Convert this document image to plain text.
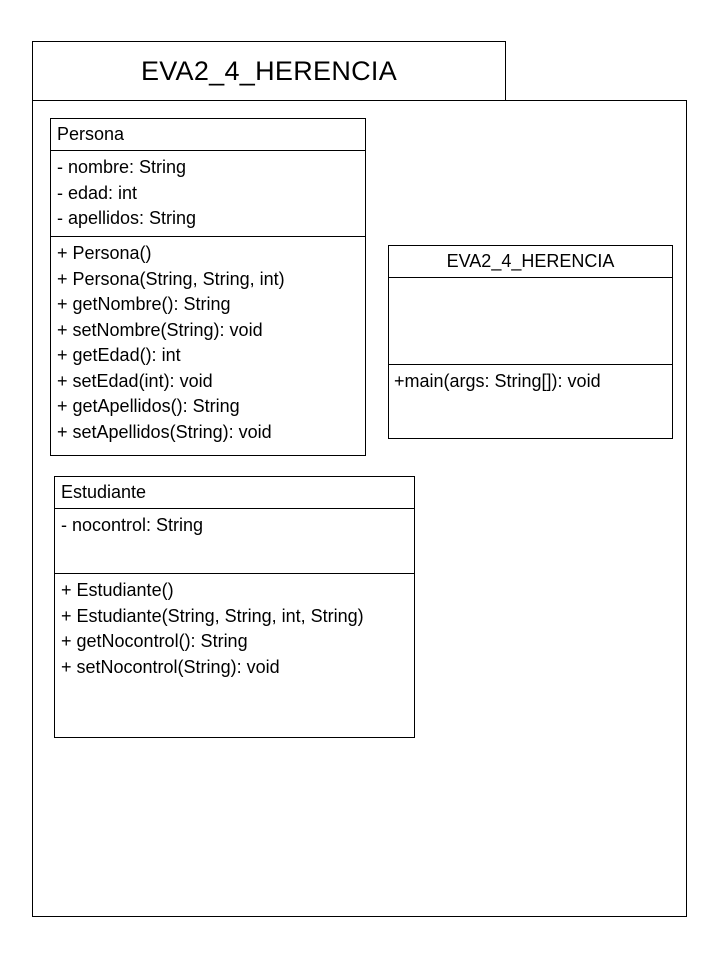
EVA2_4_HERENCIA
Persona
- nombre: String
- edad: int
- apellidos: String
+ Persona()
+ Persona(String, String, int)
+ getNombre(): String
+ setNombre(String): void
+ getEdad(): int
+ setEdad(int): void
+ getApellidos(): String
+ setApellidos(String): void
EVA2_4_HERENCIA
+main(args: String[]): void
Estudiante
- nocontrol: String
+ Estudiante()
+ Estudiante(String, String, int, String)
+ getNocontrol(): String
+ setNocontrol(String): void
